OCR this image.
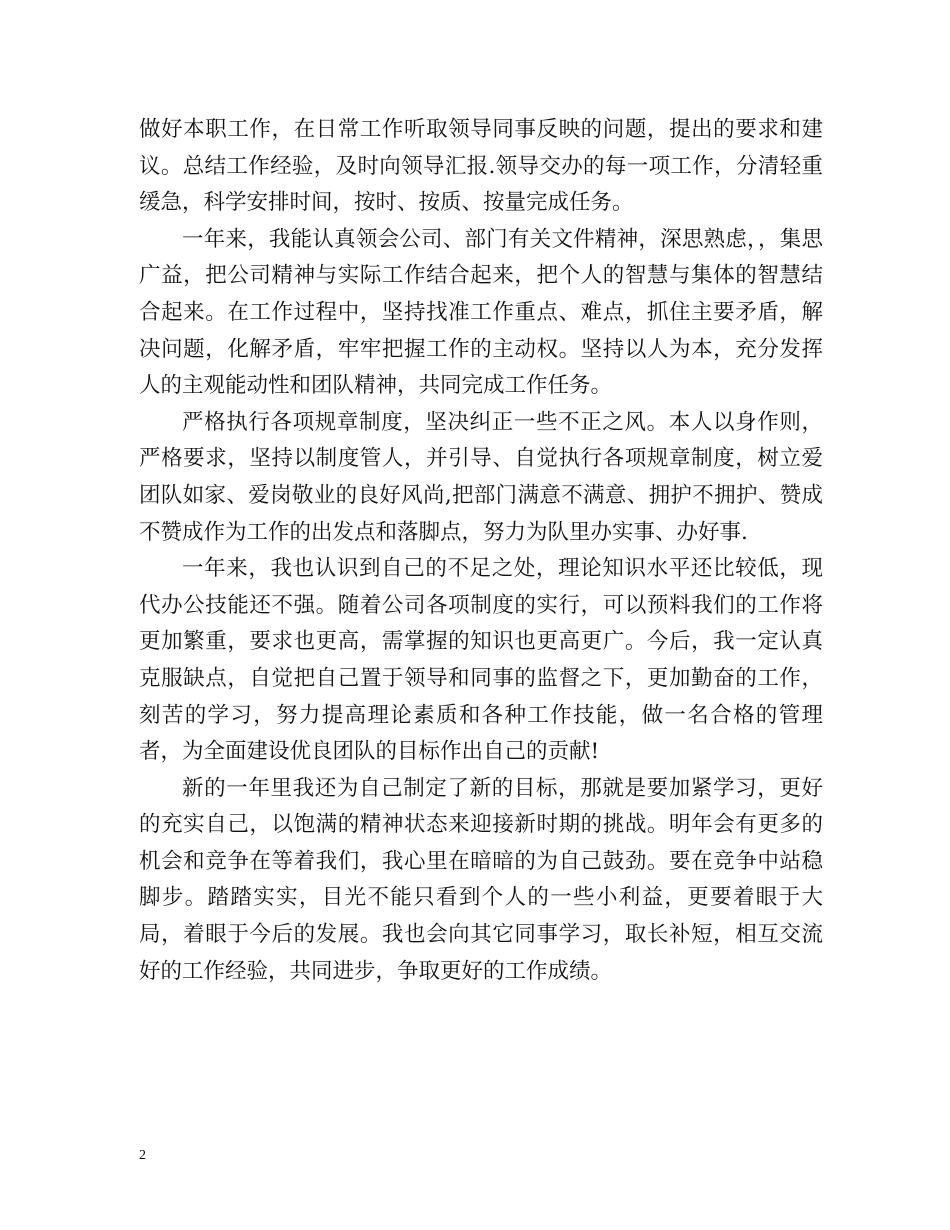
做好本职工作，在日常工作听取领导同事反映的问题，提出的要求和建议。总结工作经验，及时向领导汇报.领导交办的每一项工作，分清轻重缓急，科学安排时间，按时、按质、按量完成任务。

一年来，我能认真领会公司、部门有关文件精神，深思熟虑，，集思广益，把公司精神与实际工作结合起来，把个人的智慧与集体的智慧结合起来。在工作过程中，坚持找准工作重点、难点，抓住主要矛盾，解决问题，化解矛盾，牢牢把握工作的主动权。坚持以人为本，充分发挥人的主观能动性和团队精神，共同完成工作任务。

严格执行各项规章制度，坚决纠正一些不正之风。本人以身作则，严格要求，坚持以制度管人，并引导、自觉执行各项规章制度，树立爱团队如家、爱岗敬业的良好风尚,把部门满意不满意、拥护不拥护、赞成不赞成作为工作的出发点和落脚点，努力为队里办实事、办好事.

一年来，我也认识到自己的不足之处，理论知识水平还比较低，现代办公技能还不强。随着公司各项制度的实行，可以预料我们的工作将更加繁重，要求也更高，需掌握的知识也更高更广。今后，我一定认真克服缺点，自觉把自己置于领导和同事的监督之下，更加勤奋的工作，刻苦的学习，努力提高理论素质和各种工作技能，做一名合格的管理者，为全面建设优良团队的目标作出自己的贡献!

新的一年里我还为自己制定了新的目标，那就是要加紧学习，更好的充实自己，以饱满的精神状态来迎接新时期的挑战。明年会有更多的机会和竞争在等着我们，我心里在暗暗的为自己鼓劲。要在竞争中站稳脚步。踏踏实实，目光不能只看到个人的一些小利益，更要着眼于大局，着眼于今后的发展。我也会向其它同事学习，取长补短，相互交流好的工作经验，共同进步，争取更好的工作成绩。

2
